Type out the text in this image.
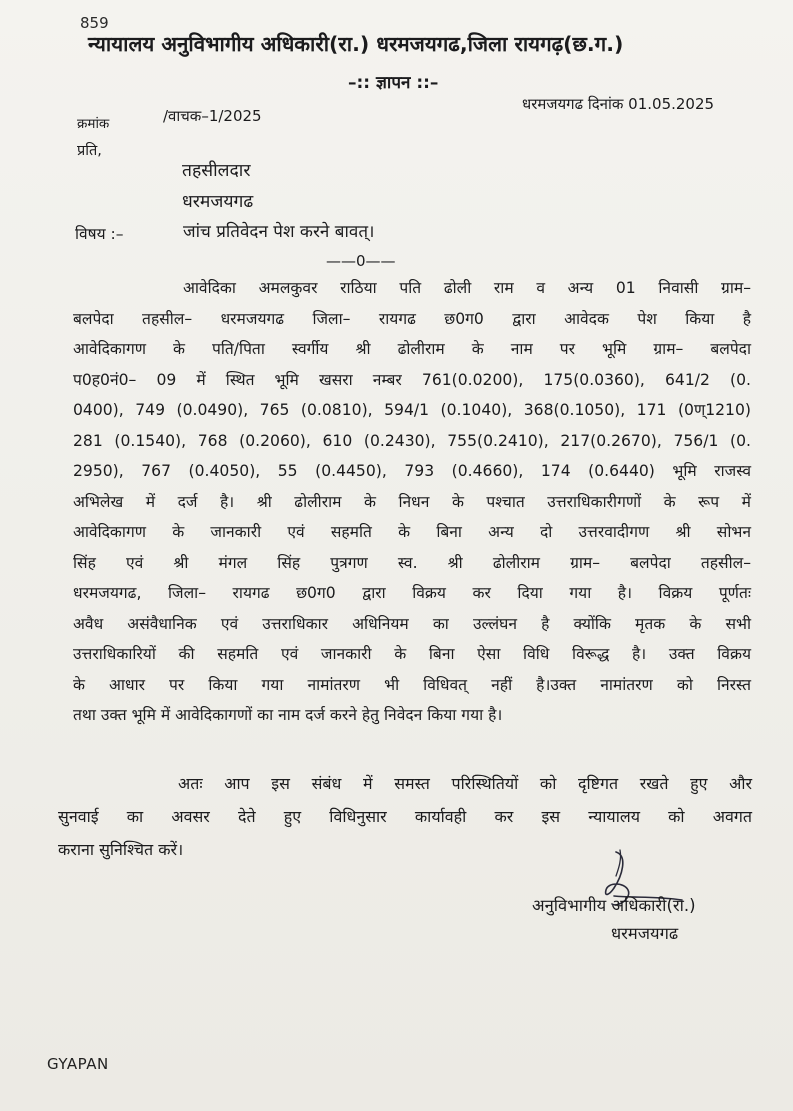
859
न्यायालय अनुविभागीय अधिकारी(रा.) धरमजयगढ,जिला रायगढ़(छ.ग.)
–:: ज्ञापन ::–
क्रमांक	/वाचक–1/2025
धरमजयगढ दिनांक 01.05.2025
प्रति,
तहसीलदार
धरमजयगढ
विषय :–	जांच प्रतिवेदन पेश करने बावत्।
——0——
आवेदिका अमलकुवर राठिया पति ढोली राम व अन्य 01 निवासी ग्राम–
बलपेदा तहसील– धरमजयगढ जिला– रायगढ छ0ग0 द्वारा आवेदक पेश किया है
आवेदिकागण के पति/पिता स्वर्गीय श्री ढोलीराम के नाम पर भूमि ग्राम– बलपेदा
प0ह0नं0– 09 में स्थित भूमि खसरा नम्बर 761(0.0200), 175(0.0360), 641/2 (0.
0400), 749 (0.0490), 765 (0.0810), 594/1 (0.1040), 368(0.1050), 171 (0ण्1210)
281 (0.1540), 768 (0.2060), 610 (0.2430), 755(0.2410), 217(0.2670), 756/1 (0.
2950), 767 (0.4050), 55 (0.4450), 793 (0.4660), 174 (0.6440) भूमि राजस्व
अभिलेख में दर्ज है। श्री ढोलीराम के निधन के पश्चात उत्तराधिकारीगणों के रूप में
आवेदिकागण के जानकारी एवं सहमति के बिना अन्य दो उत्तरवादीगण श्री सोभन
सिंह एवं श्री मंगल सिंह पुत्रगण स्व. श्री ढोलीराम ग्राम– बलपेदा तहसील–
धरमजयगढ, जिला– रायगढ छ0ग0 द्वारा विक्रय कर दिया गया है। विक्रय पूर्णतः
अवैध असंवैधानिक एवं उत्तराधिकार अधिनियम का उल्लंघन है क्योंकि मृतक के सभी
उत्तराधिकारियों की सहमति एवं जानकारी के बिना ऐसा विधि विरूद्ध है। उक्त विक्रय
के आधार पर किया गया नामांतरण भी विधिवत् नहीं है।उक्त नामांतरण को निरस्त
तथा उक्त भूमि में आवेदिकागणों का नाम दर्ज करने हेतु निवेदन किया गया है।
अतः आप इस संबंध में समस्त परिस्थितियों को दृष्टिगत रखते हुए और
सुनवाई का अवसर देते हुए विधिनुसार कार्यावही कर इस न्यायालय को अवगत
कराना सुनिश्चित करें।
अनुविभागीय अधिकारी(रा.)
धरमजयगढ
GYAPAN
